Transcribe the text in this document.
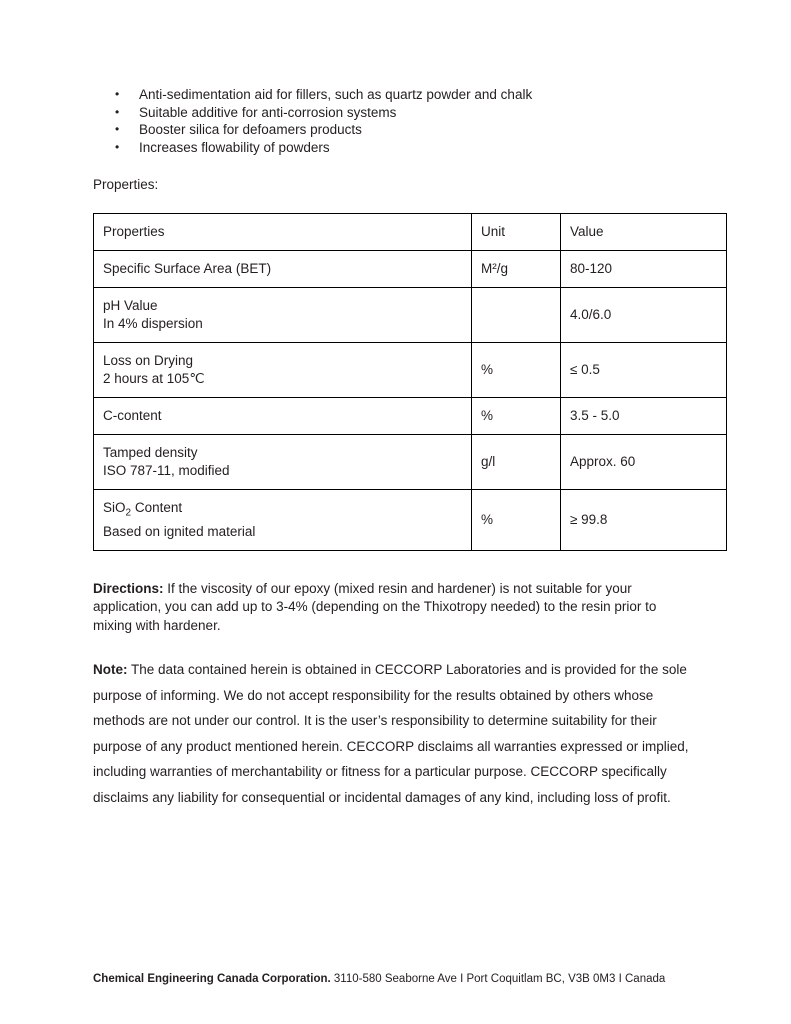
• Anti-sedimentation aid for fillers, such as quartz powder and chalk
• Suitable additive for anti-corrosion systems
• Booster silica for defoamers products
• Increases flowability of powders
Properties:
Properties	Unit	Value

Specific Surface Area (BET)	M²/g	80-120

pH Value
In 4% dispersion		4.0/6.0

Loss on Drying
2 hours at 105℃	%	≤ 0.5

C-content	%	3.5 - 5.0

Tamped density
ISO 787-11, modified	g/l	Approx. 60

SiO$_2$ Content
Based on ignited material	%	≥ 99.8

Directions: If the viscosity of our epoxy (mixed resin and hardener) is not suitable for your application, you can add up to 3-4% (depending on the Thixotropy needed) to the resin prior to mixing with hardener.

Note: The data contained herein is obtained in CECCORP Laboratories and is provided for the sole purpose of informing. We do not accept responsibility for the results obtained by others whose methods are not under our control. It is the user’s responsibility to determine suitability for their purpose of any product mentioned herein. CECCORP disclaims all warranties expressed or implied, including warranties of merchantability or fitness for a particular purpose. CECCORP specifically disclaims any liability for consequential or incidental damages of any kind, including loss of profit.

Chemical Engineering Canada Corporation. 3110-580 Seaborne Ave I Port Coquitlam BC, V3B 0M3 I Canada
